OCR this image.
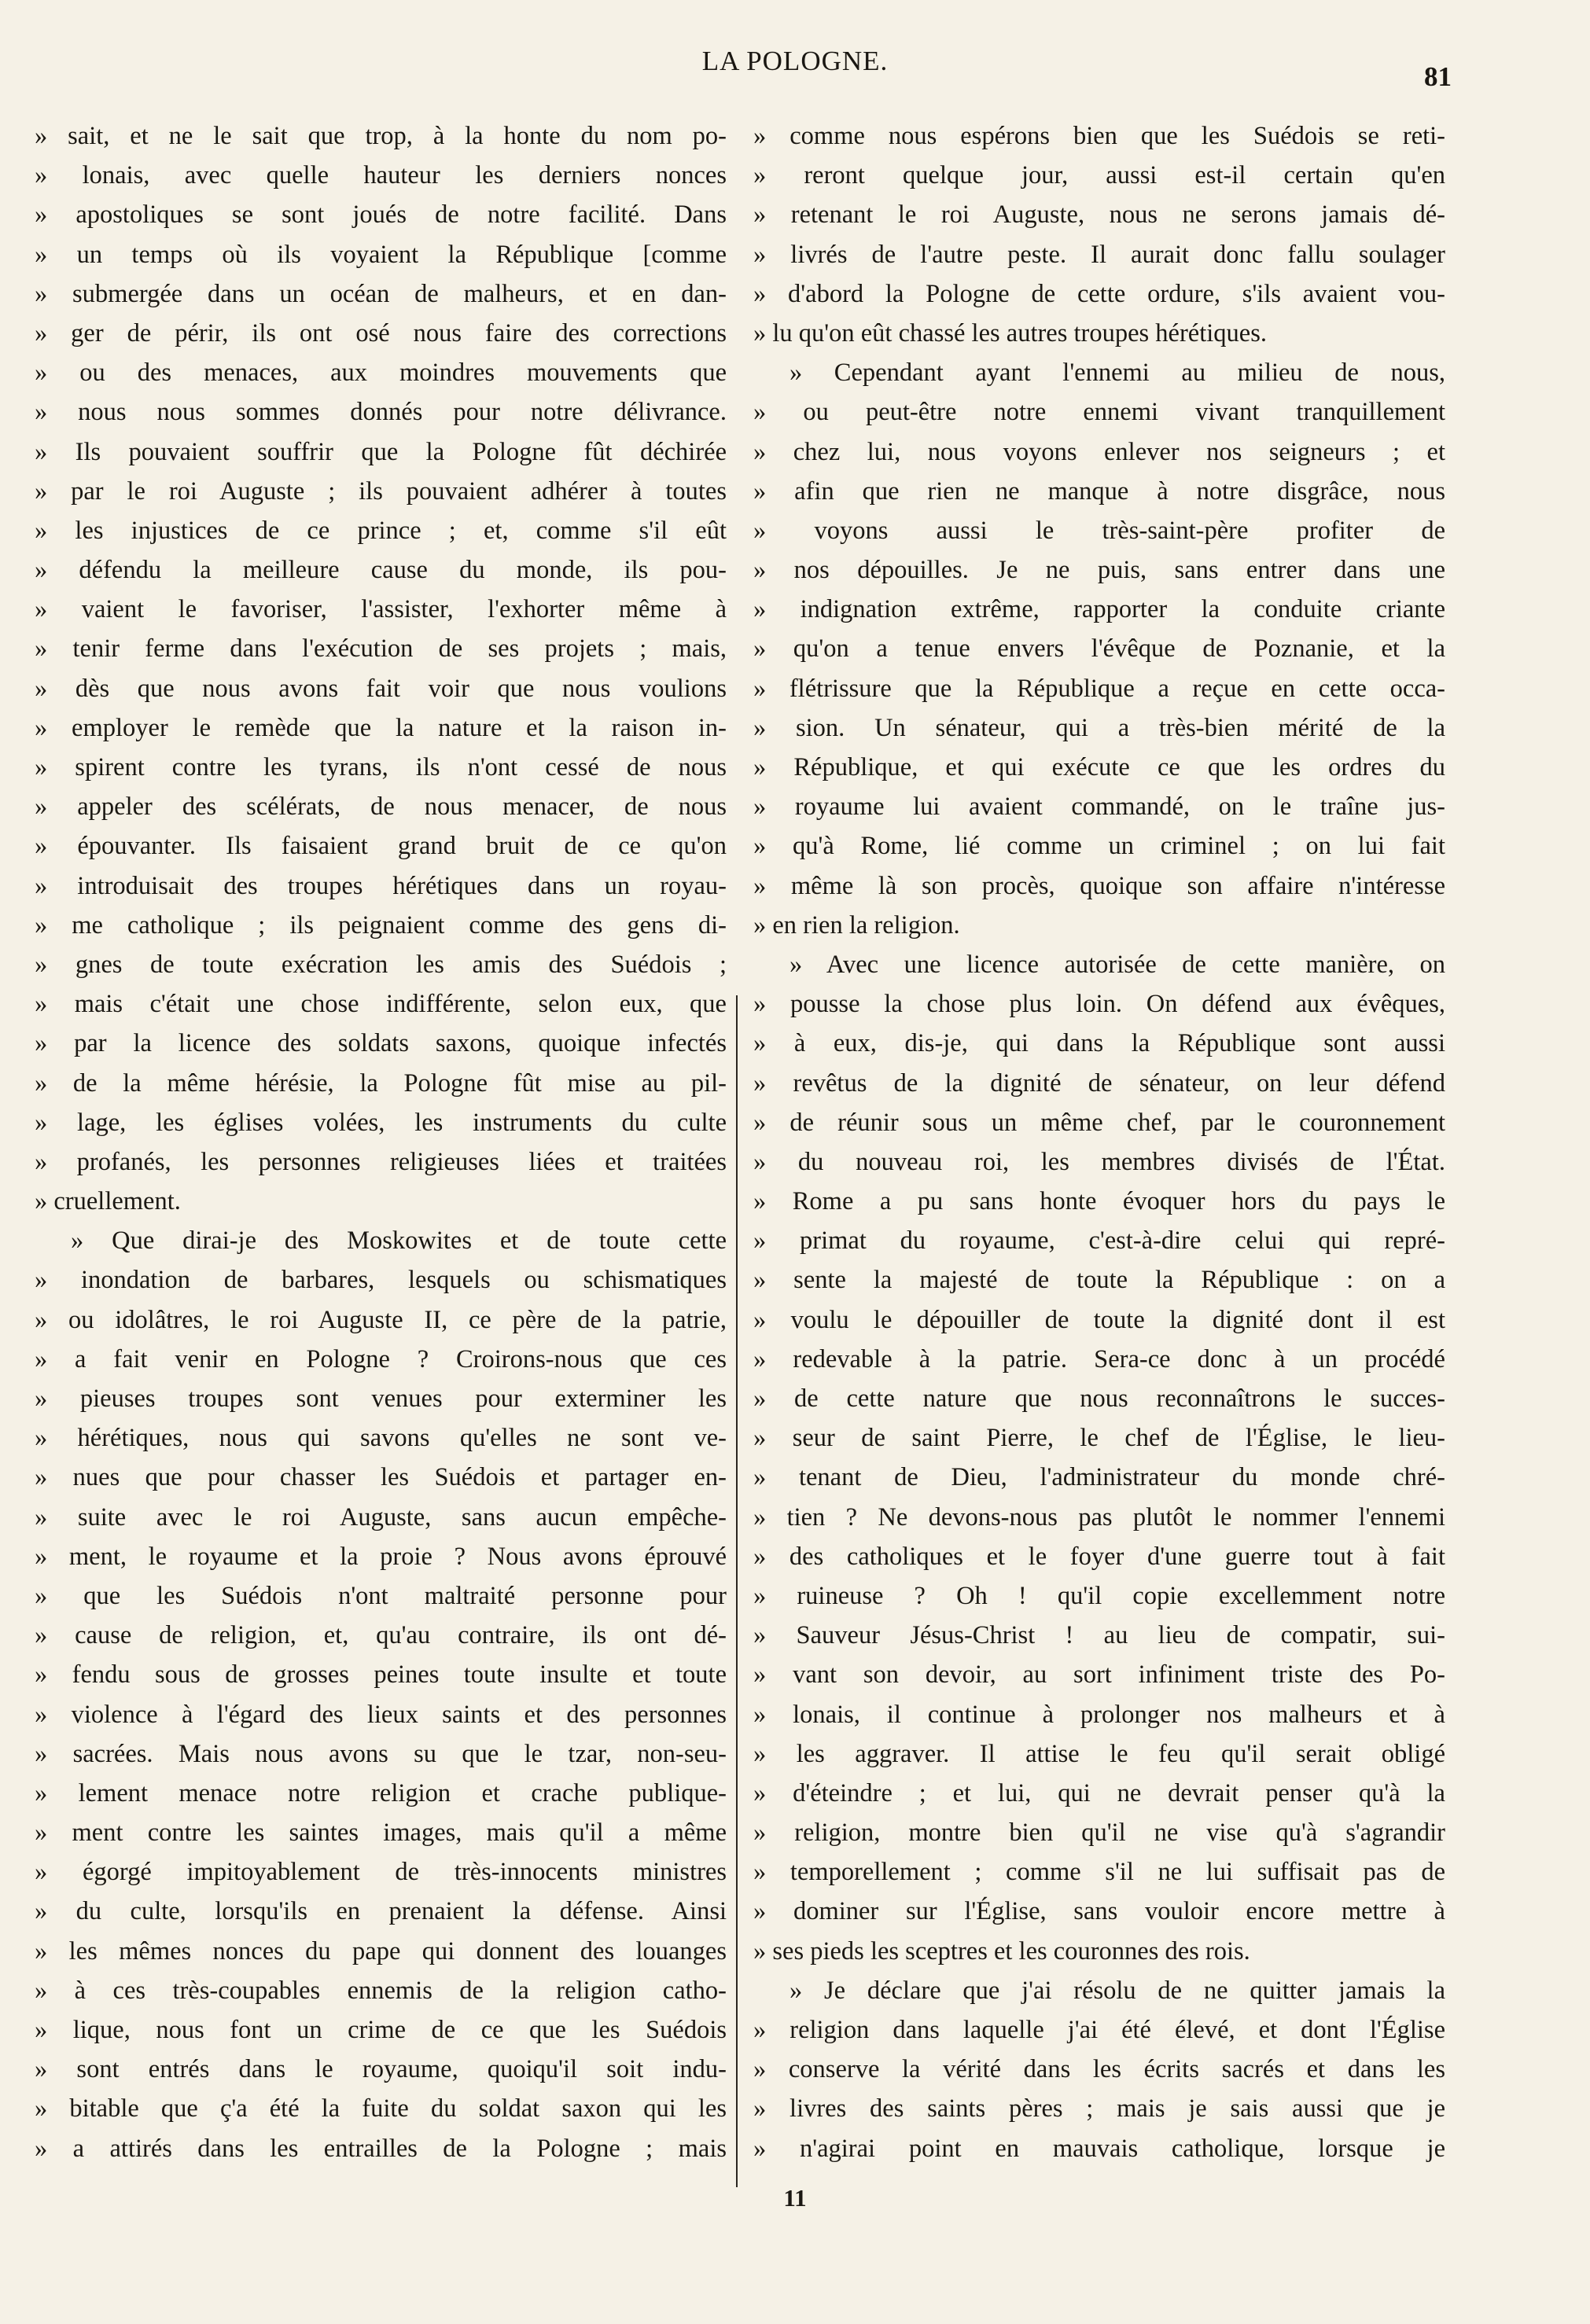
LA POLOGNE.
81
» sait, et ne le sait que trop, à la honte du nom po-
» lonais, avec quelle hauteur les derniers nonces
» apostoliques se sont joués de notre facilité. Dans
» un temps où ils voyaient la République [comme
» submergée dans un océan de malheurs, et en dan-
» ger de périr, ils ont osé nous faire des corrections
» ou des menaces, aux moindres mouvements que
» nous nous sommes donnés pour notre délivrance.
» Ils pouvaient souffrir que la Pologne fût déchirée
» par le roi Auguste ; ils pouvaient adhérer à toutes
» les injustices de ce prince ; et, comme s'il eût
» défendu la meilleure cause du monde, ils pou-
» vaient le favoriser, l'assister, l'exhorter même à
» tenir ferme dans l'exécution de ses projets ; mais,
» dès que nous avons fait voir que nous voulions
» employer le remède que la nature et la raison in-
» spirent contre les tyrans, ils n'ont cessé de nous
» appeler des scélérats, de nous menacer, de nous
» épouvanter. Ils faisaient grand bruit de ce qu'on
» introduisait des troupes hérétiques dans un royau-
» me catholique ; ils peignaient comme des gens di-
» gnes de toute exécration les amis des Suédois ;
» mais c'était une chose indifférente, selon eux, que
» par la licence des soldats saxons, quoique infectés
» de la même hérésie, la Pologne fût mise au pil-
» lage, les églises volées, les instruments du culte
» profanés, les personnes religieuses liées et traitées
» cruellement.
» Que dirai-je des Moskowites et de toute cette
» inondation de barbares, lesquels ou schismatiques
» ou idolâtres, le roi Auguste II, ce père de la patrie,
» a fait venir en Pologne ? Croirons-nous que ces
» pieuses troupes sont venues pour exterminer les
» hérétiques, nous qui savons qu'elles ne sont ve-
» nues que pour chasser les Suédois et partager en-
» suite avec le roi Auguste, sans aucun empêche-
» ment, le royaume et la proie ? Nous avons éprouvé
» que les Suédois n'ont maltraité personne pour
» cause de religion, et, qu'au contraire, ils ont dé-
» fendu sous de grosses peines toute insulte et toute
» violence à l'égard des lieux saints et des personnes
» sacrées. Mais nous avons su que le tzar, non-seu-
» lement menace notre religion et crache publique-
» ment contre les saintes images, mais qu'il a même
» égorgé impitoyablement de très-innocents ministres
» du culte, lorsqu'ils en prenaient la défense. Ainsi
» les mêmes nonces du pape qui donnent des louanges
» à ces très-coupables ennemis de la religion catho-
» lique, nous font un crime de ce que les Suédois
» sont entrés dans le royaume, quoiqu'il soit indu-
» bitable que ç'a été la fuite du soldat saxon qui les
» a attirés dans les entrailles de la Pologne ; mais
» comme nous espérons bien que les Suédois se reti-
» reront quelque jour, aussi est-il certain qu'en
» retenant le roi Auguste, nous ne serons jamais dé-
» livrés de l'autre peste. Il aurait donc fallu soulager
» d'abord la Pologne de cette ordure, s'ils avaient vou-
» lu qu'on eût chassé les autres troupes hérétiques.
» Cependant ayant l'ennemi au milieu de nous,
» ou peut-être notre ennemi vivant tranquillement
» chez lui, nous voyons enlever nos seigneurs ; et
» afin que rien ne manque à notre disgrâce, nous
» voyons aussi le très-saint-père profiter de
» nos dépouilles. Je ne puis, sans entrer dans une
» indignation extrême, rapporter la conduite criante
» qu'on a tenue envers l'évêque de Poznanie, et la
» flétrissure que la République a reçue en cette occa-
» sion. Un sénateur, qui a très-bien mérité de la
» République, et qui exécute ce que les ordres du
» royaume lui avaient commandé, on le traîne jus-
» qu'à Rome, lié comme un criminel ; on lui fait
» même là son procès, quoique son affaire n'intéresse
» en rien la religion.
» Avec une licence autorisée de cette manière, on
» pousse la chose plus loin. On défend aux évêques,
» à eux, dis-je, qui dans la République sont aussi
» revêtus de la dignité de sénateur, on leur défend
» de réunir sous un même chef, par le couronnement
» du nouveau roi, les membres divisés de l'État.
» Rome a pu sans honte évoquer hors du pays le
» primat du royaume, c'est-à-dire celui qui repré-
» sente la majesté de toute la République : on a
» voulu le dépouiller de toute la dignité dont il est
» redevable à la patrie. Sera-ce donc à un procédé
» de cette nature que nous reconnaîtrons le succes-
» seur de saint Pierre, le chef de l'Église, le lieu-
» tenant de Dieu, l'administrateur du monde chré-
» tien ? Ne devons-nous pas plutôt le nommer l'ennemi
» des catholiques et le foyer d'une guerre tout à fait
» ruineuse ? Oh ! qu'il copie excellemment notre
» Sauveur Jésus-Christ ! au lieu de compatir, sui-
» vant son devoir, au sort infiniment triste des Po-
» lonais, il continue à prolonger nos malheurs et à
» les aggraver. Il attise le feu qu'il serait obligé
» d'éteindre ; et lui, qui ne devrait penser qu'à la
» religion, montre bien qu'il ne vise qu'à s'agrandir
» temporellement ; comme s'il ne lui suffisait pas de
» dominer sur l'Église, sans vouloir encore mettre à
» ses pieds les sceptres et les couronnes des rois.
» Je déclare que j'ai résolu de ne quitter jamais la
» religion dans laquelle j'ai été élevé, et dont l'Église
» conserve la vérité dans les écrits sacrés et dans les
» livres des saints pères ; mais je sais aussi que je
» n'agirai point en mauvais catholique, lorsque je
11
